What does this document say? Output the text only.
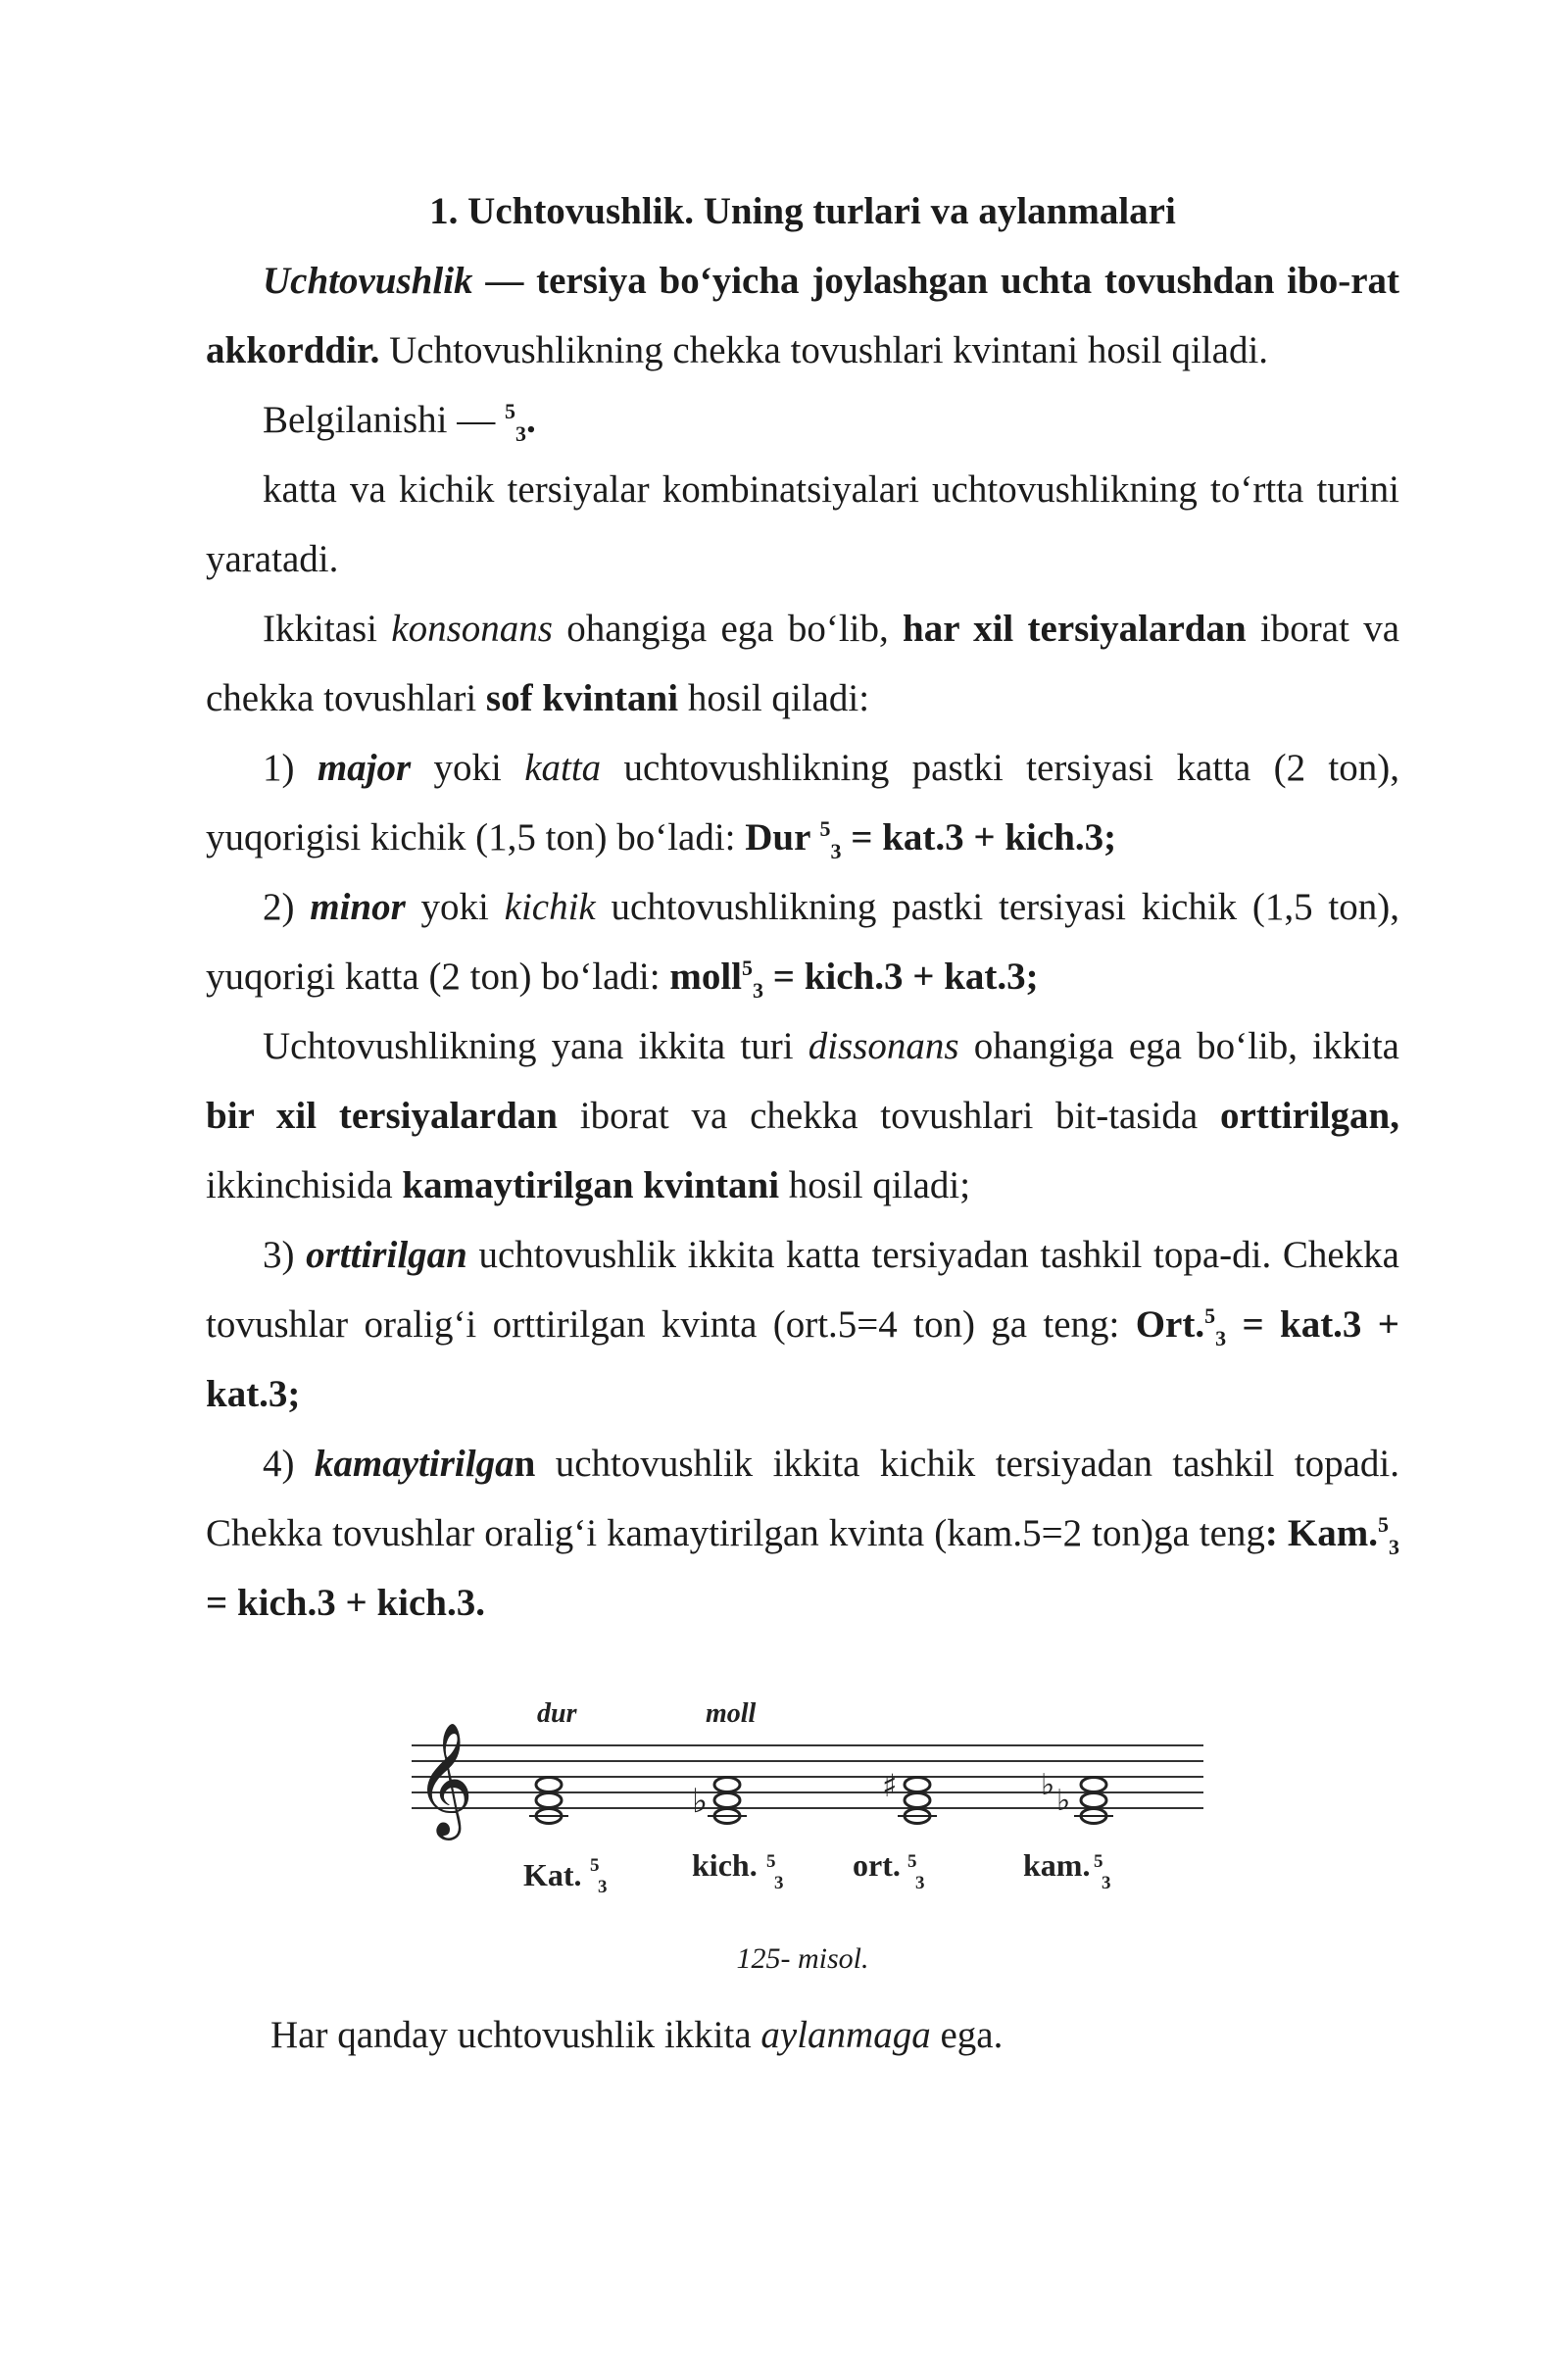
1. Uchtovushlik. Uning turlari va aylanmalari

Uchtovushlik — tersiya bo‘yicha joylashgan uchta tovushdan ibo-rat akkorddir. Uchtovushlikning chekka tovushlari kvintani hosil qiladi.

Belgilanishi — $^5_3$.

katta va kichik tersiyalar kombinatsiyalari uchtovushlikning to‘rtta turini yaratadi.

Ikkitasi konsonans ohangiga ega bo‘lib, har xil tersiyalardan iborat va chekka tovushlari sof kvintani hosil qiladi:

1) major yoki katta uchtovushlikning pastki tersiyasi katta (2 ton), yuqorigisi kichik (1,5 ton) bo‘ladi: Dur $^5_3$ = kat.3 + kich.3;

2) minor yoki kichik uchtovushlikning pastki tersiyasi kichik (1,5 ton), yuqorigi katta (2 ton) bo‘ladi: moll$^5_3$ = kich.3 + kat.3;

Uchtovushlikning yana ikkita turi dissonans ohangiga ega bo‘lib, ikkita bir xil tersiyalardan iborat va chekka tovushlari bit-tasida orttirilgan, ikkinchisida kamaytirilgan kvintani hosil qiladi;

3) orttirilgan uchtovushlik ikkita katta tersiyadan tashkil topa-di. Chekka tovushlar oralig‘i orttirilgan kvinta (ort.5=4 ton) ga teng: Ort.$^5_3$ = kat.3 + kat.3;

4) kamaytirilgan uchtovushlik ikkita kichik tersiyadan tashkil topadi. Chekka tovushlar oralig‘i kamaytirilgan kvinta (kam.5=2 ton)ga teng: Kam.$^5_3$ = kich.3 + kich.3.

𝄞
dur	moll
♭	♯	♭ ♭
Kat. 5
3
kich. 5
3
ort. 5
3
kam. 5
3

125- misol.

Har qanday uchtovushlik ikkita aylanmaga ega.
